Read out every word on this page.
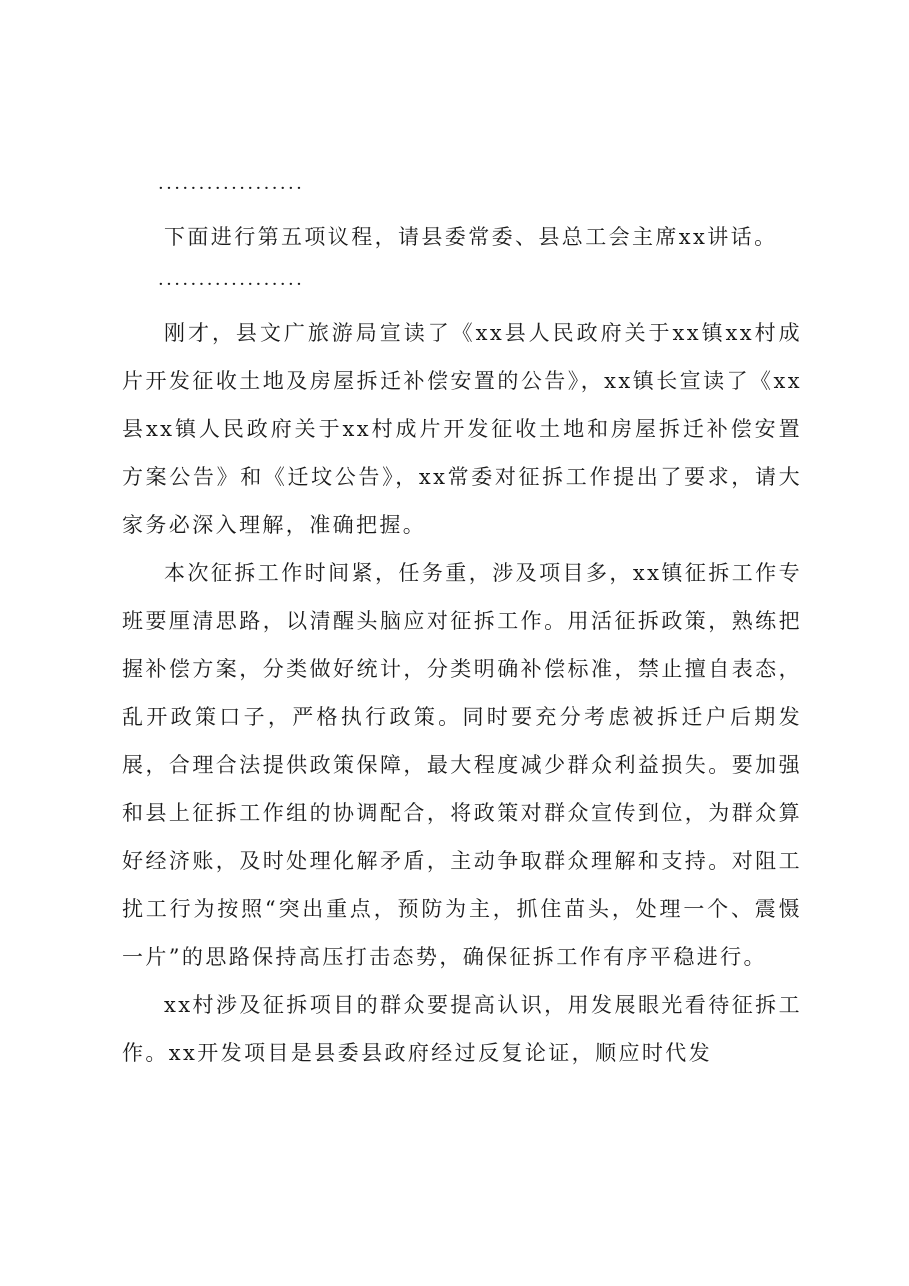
··················

下面进行第五项议程，请县委常委、县总工会主席xx讲话。

··················

刚才，县文广旅游局宣读了《xx县人民政府关于xx镇xx村成片开发征收土地及房屋拆迁补偿安置的公告》，xx镇长宣读了《xx县xx镇人民政府关于xx村成片开发征收土地和房屋拆迁补偿安置方案公告》和《迁坟公告》，xx常委对征拆工作提出了要求，请大家务必深入理解，准确把握。

本次征拆工作时间紧，任务重，涉及项目多，xx镇征拆工作专班要厘清思路，以清醒头脑应对征拆工作。用活征拆政策，熟练把握补偿方案，分类做好统计，分类明确补偿标准，禁止擅自表态，乱开政策口子，严格执行政策。同时要充分考虑被拆迁户后期发展，合理合法提供政策保障，最大程度减少群众利益损失。要加强和县上征拆工作组的协调配合，将政策对群众宣传到位，为群众算好经济账，及时处理化解矛盾，主动争取群众理解和支持。对阻工扰工行为按照“突出重点，预防为主，抓住苗头，处理一个、震慑一片”的思路保持高压打击态势，确保征拆工作有序平稳进行。

xx村涉及征拆项目的群众要提高认识，用发展眼光看待征拆工作。xx开发项目是县委县政府经过反复论证，顺应时代发
